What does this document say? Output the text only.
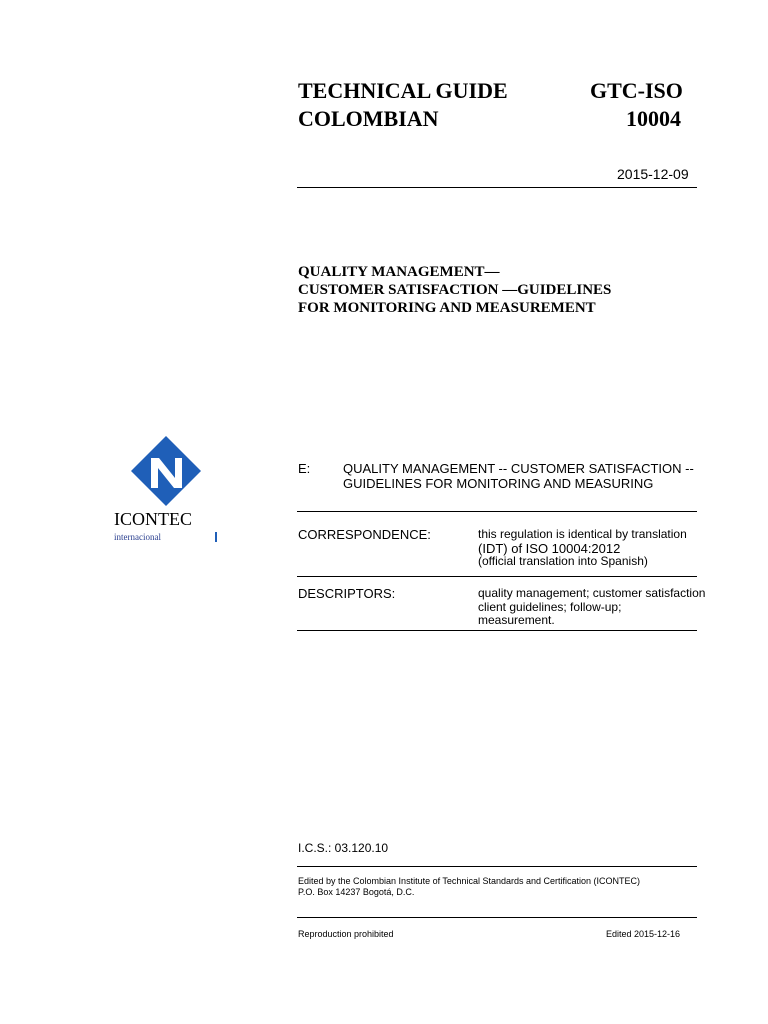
TECHNICAL GUIDE
COLOMBIAN
GTC-ISO
10004
2015-12-09
QUALITY MANAGEMENT—
CUSTOMER SATISFACTION —GUIDELINES
FOR MONITORING AND MEASUREMENT
ICONTEC
internacional
E:	QUALITY MANAGEMENT -- CUSTOMER SATISFACTION --
GUIDELINES FOR MONITORING AND MEASURING
CORRESPONDENCE:	this regulation is identical by translation
(IDT) of ISO 10004:2012
(official translation into Spanish)
DESCRIPTORS:	quality management; customer satisfaction
client guidelines; follow-up;
measurement.
I.C.S.: 03.120.10
Edited by the Colombian Institute of Technical Standards and Certification (ICONTEC)
P.O. Box 14237 Bogotá, D.C.
Reproduction prohibited	Edited 2015-12-16
